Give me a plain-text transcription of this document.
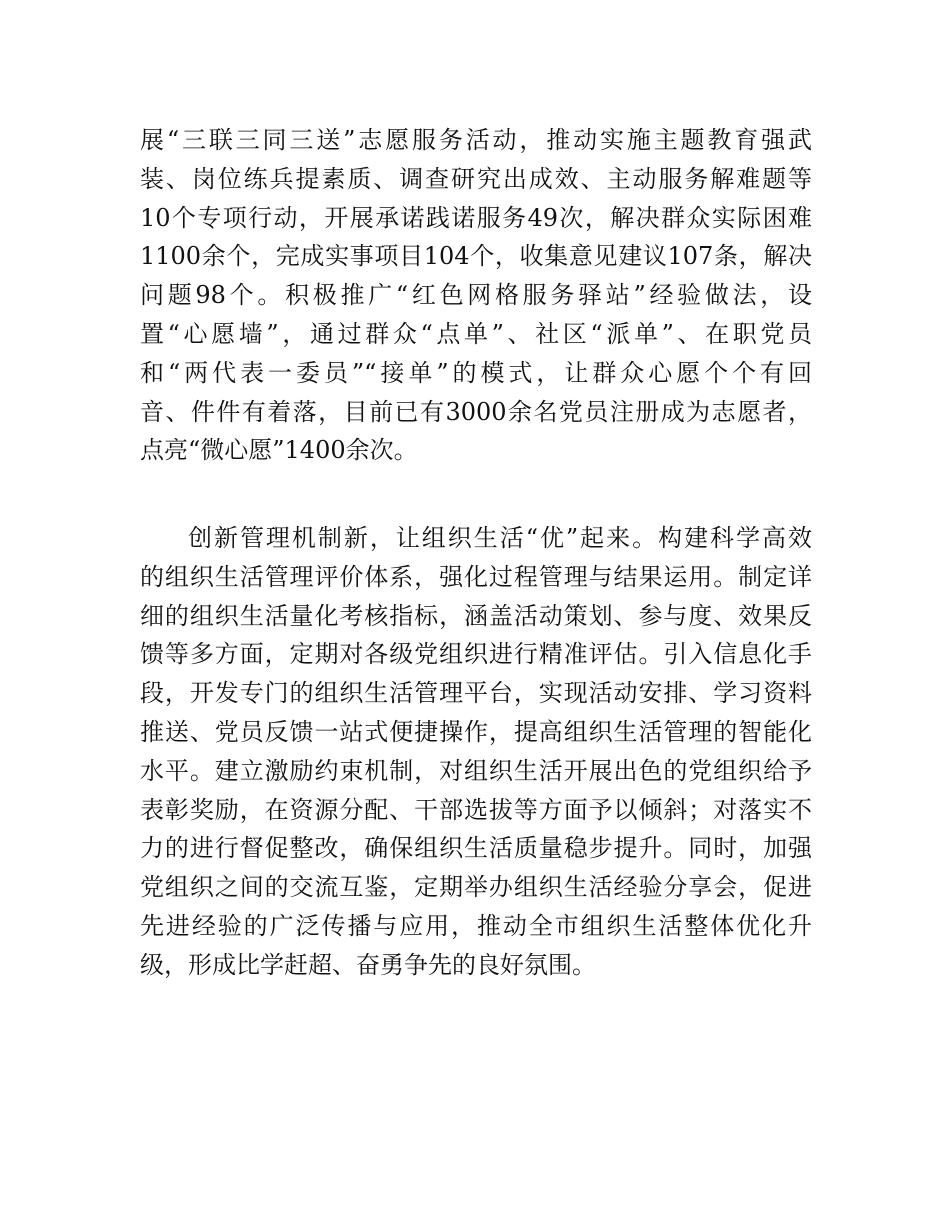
展“三联三同三送”志愿服务活动，推动实施主题教育强武
装、岗位练兵提素质、调查研究出成效、主动服务解难题等
10个专项行动，开展承诺践诺服务49次，解决群众实际困难
1100余个，完成实事项目104个，收集意见建议107条，解决
问题98个。积极推广“红色网格服务驿站”经验做法，设
置“心愿墙”，通过群众“点单”、社区“派单”、在职党员
和“两代表一委员”“接单”的模式，让群众心愿个个有回
音、件件有着落，目前已有3000余名党员注册成为志愿者，
点亮“微心愿”1400余次。
创新管理机制新，让组织生活“优”起来。构建科学高效
的组织生活管理评价体系，强化过程管理与结果运用。制定详
细的组织生活量化考核指标，涵盖活动策划、参与度、效果反
馈等多方面，定期对各级党组织进行精准评估。引入信息化手
段，开发专门的组织生活管理平台，实现活动安排、学习资料
推送、党员反馈一站式便捷操作，提高组织生活管理的智能化
水平。建立激励约束机制，对组织生活开展出色的党组织给予
表彰奖励，在资源分配、干部选拔等方面予以倾斜；对落实不
力的进行督促整改，确保组织生活质量稳步提升。同时，加强
党组织之间的交流互鉴，定期举办组织生活经验分享会，促进
先进经验的广泛传播与应用，推动全市组织生活整体优化升
级，形成比学赶超、奋勇争先的良好氛围。
